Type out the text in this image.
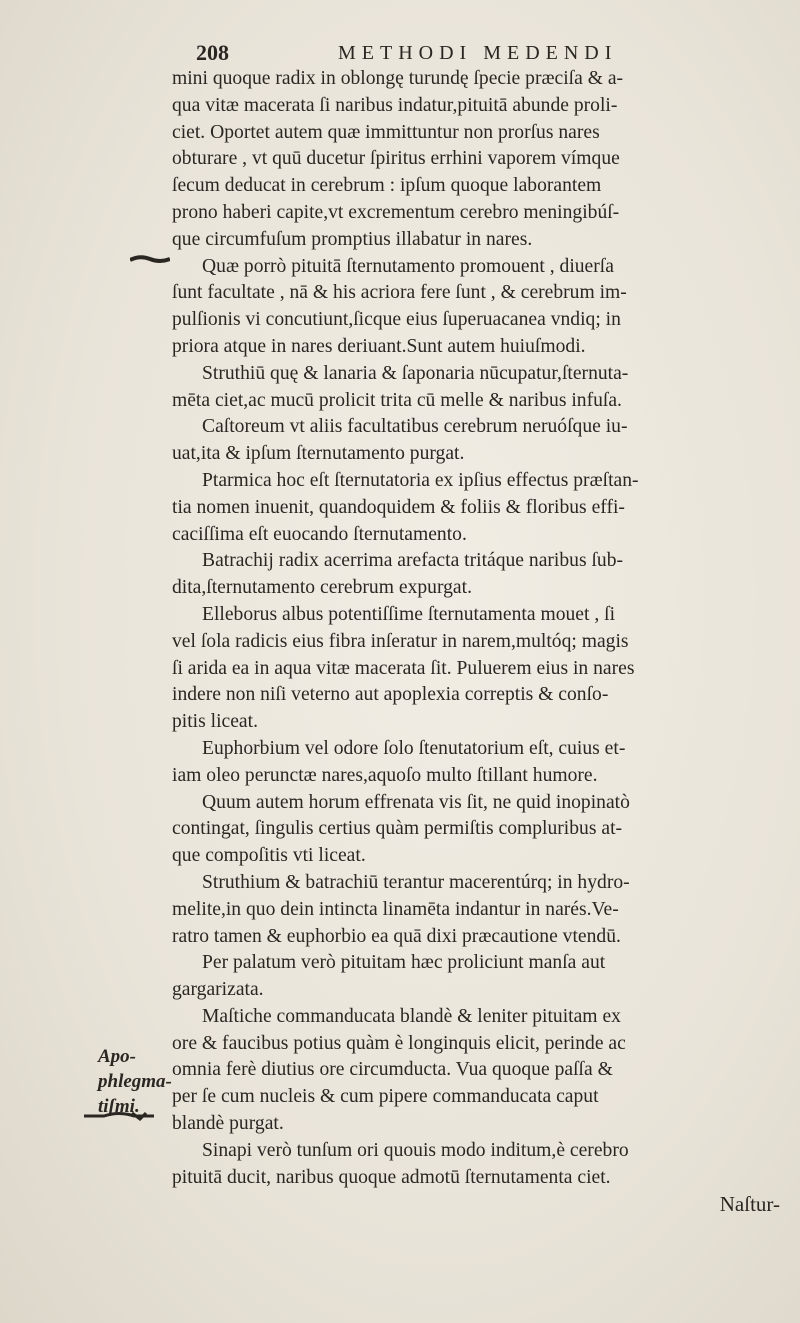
208	METHODI MEDENDI
mini quoque radix in oblongę turundę ſpecie præciſa & a-
qua vitæ macerata ſi naribus indatur,pituitā abunde proli-
ciet. Oportet autem quæ immittuntur non prorſus nares
obturare , vt quū ducetur ſpiritus errhini vaporem vímque
ſecum deducat in cerebrum : ipſum quoque laborantem
prono haberi capite,vt excrementum cerebro meningibúſ-
que circumfuſum promptius illabatur in nares.
Quæ porrò pituitā ſternutamento promouent , diuerſa
ſunt facultate , nā & his acriora fere ſunt , & cerebrum im-
pulſionis vi concutiunt,ſicque eius ſuperuacanea vndiq; in
priora atque in nares deriuant.Sunt autem huiuſmodi.
Struthiū quę & lanaria & ſaponaria nūcupatur,ſternuta-
mēta ciet,ac mucū prolicit trita cū melle & naribus infuſa.
Caſtoreum vt aliis facultatibus cerebrum neruóſque iu-
uat,ita & ipſum ſternutamento purgat.
Ptarmica hoc eſt ſternutatoria ex ipſius effectus præſtan-
tia nomen inuenit, quandoquidem & foliis & floribus effi-
caciſſima eſt euocando ſternutamento.
Batrachij radix acerrima arefacta tritáque naribus ſub-
dita,ſternutamento cerebrum expurgat.
Elleborus albus potentiſſime ſternutamenta mouet , ſi
vel ſola radicis eius fibra inſeratur in narem,multóq; magis
ſi arida ea in aqua vitæ macerata ſit. Puluerem eius in nares
indere non niſi veterno aut apoplexia correptis & conſo-
pitis liceat.
Euphorbium vel odore ſolo ſtenutatorium eſt, cuius et-
iam oleo perunctæ nares,aquoſo multo ſtillant humore.
Quum autem horum effrenata vis ſit, ne quid inopinatò
contingat, ſingulis certius quàm permiſtis compluribus at-
que compoſitis vti liceat.
Struthium & batrachiū terantur macerentúrq; in hydro-
melite,in quo dein intincta linamēta indantur in narés.Ve-
ratro tamen & euphorbio ea quā dixi præcautione vtendū.
Per palatum verò pituitam hæc proliciunt manſa aut
gargarizata.
Maſtiche commanducata blandè & leniter pituitam ex
ore & faucibus potius quàm è longinquis elicit, perinde ac
omnia ferè diutius ore circumducta. Vua quoque paſſa &
per ſe cum nucleis & cum pipere commanducata caput
blandè purgat.
Sinapi verò tunſum ori quouis modo inditum,è cerebro
pituitā ducit, naribus quoque admotū ſternutamenta ciet.
Naſtur-
Apo-
phlegma-
tiſmi.
